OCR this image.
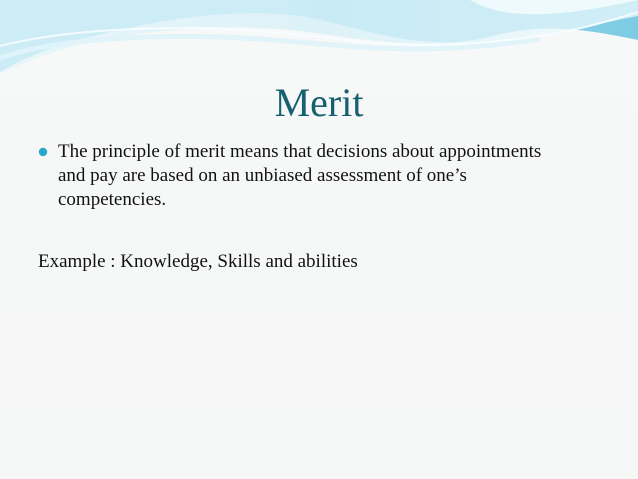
Merit
The principle of merit means that decisions about appointments and pay are based on an unbiased assessment of one’s competencies.
Example : Knowledge, Skills and abilities
